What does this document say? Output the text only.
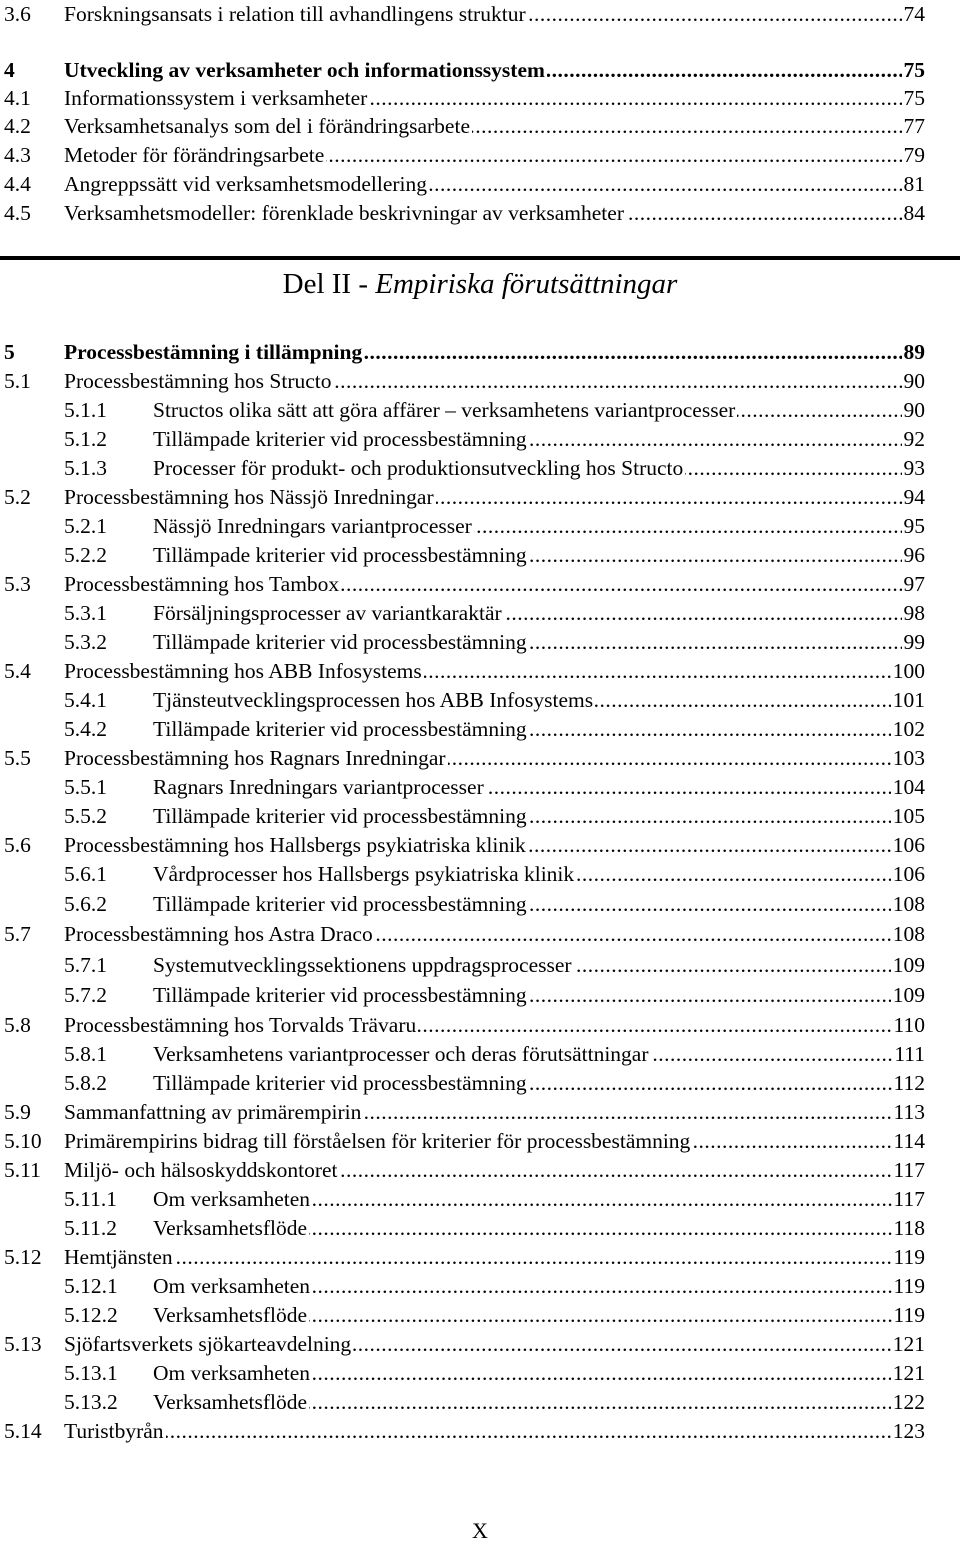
3.6 Forskningsansats i relation till avhandlingens struktur .....	74
4 Utveckling av verksamheter och informationssystem .....	75
4.1 Informationssystem i verksamheter .....	75
4.2 Verksamhetsanalys som del i förändringsarbete .....	77
4.3 Metoder för förändringsarbete .....	79
4.4 Angreppssätt vid verksamhetsmodellering .....	81
4.5 Verksamhetsmodeller: förenklade beskrivningar av verksamheter .....	84
5 Processbestämning i tillämpning .....	89
5.1 Processbestämning hos Structo .....	90
5.1.1 Structos olika sätt att göra affärer – verksamhetens variantprocesser .....	90
5.1.2 Tillämpade kriterier vid processbestämning .....	92
5.1.3 Processer för produkt- och produktionsutveckling hos Structo .....	93
5.2 Processbestämning hos Nässjö Inredningar .....	94
5.2.1 Nässjö Inredningars variantprocesser .....	95
5.2.2 Tillämpade kriterier vid processbestämning .....	96
5.3 Processbestämning hos Tambox .....	97
5.3.1 Försäljningsprocesser av variantkaraktär .....	98
5.3.2 Tillämpade kriterier vid processbestämning .....	99
5.4 Processbestämning hos ABB Infosystems .....	100
5.4.1 Tjänsteutvecklingsprocessen hos ABB Infosystems .....	101
5.4.2 Tillämpade kriterier vid processbestämning .....	102
5.5 Processbestämning hos Ragnars Inredningar .....	103
5.5.1 Ragnars Inredningars variantprocesser .....	104
5.5.2 Tillämpade kriterier vid processbestämning .....	105
5.6 Processbestämning hos Hallsbergs psykiatriska klinik .....	106
5.6.1 Vårdprocesser hos Hallsbergs psykiatriska klinik .....	106
5.6.2 Tillämpade kriterier vid processbestämning .....	108
5.7 Processbestämning hos Astra Draco .....	108
5.7.1 Systemutvecklingssektionens uppdragsprocesser .....	109
5.7.2 Tillämpade kriterier vid processbestämning .....	109
5.8 Processbestämning hos Torvalds Trävaru .....	110
5.8.1 Verksamhetens variantprocesser och deras förutsättningar .....	111
5.8.2 Tillämpade kriterier vid processbestämning .....	112
5.9 Sammanfattning av primärempirin .....	113
5.10 Primärempirins bidrag till förståelsen för kriterier för processbestämning .....	114
5.11 Miljö- och hälsoskyddskontoret .....	117
5.11.1 Om verksamheten .....	117
5.11.2 Verksamhetsflöde .....	118
5.12 Hemtjänsten .....	119
5.12.1 Om verksamheten .....	119
5.12.2 Verksamhetsflöde .....	119
5.13 Sjöfartsverkets sjökarteavdelning .....	121
5.13.1 Om verksamheten .....	121
5.13.2 Verksamhetsflöde .....	122
5.14 Turistbyrån .....	123
Del II - Empiriska förutsättningar
X
